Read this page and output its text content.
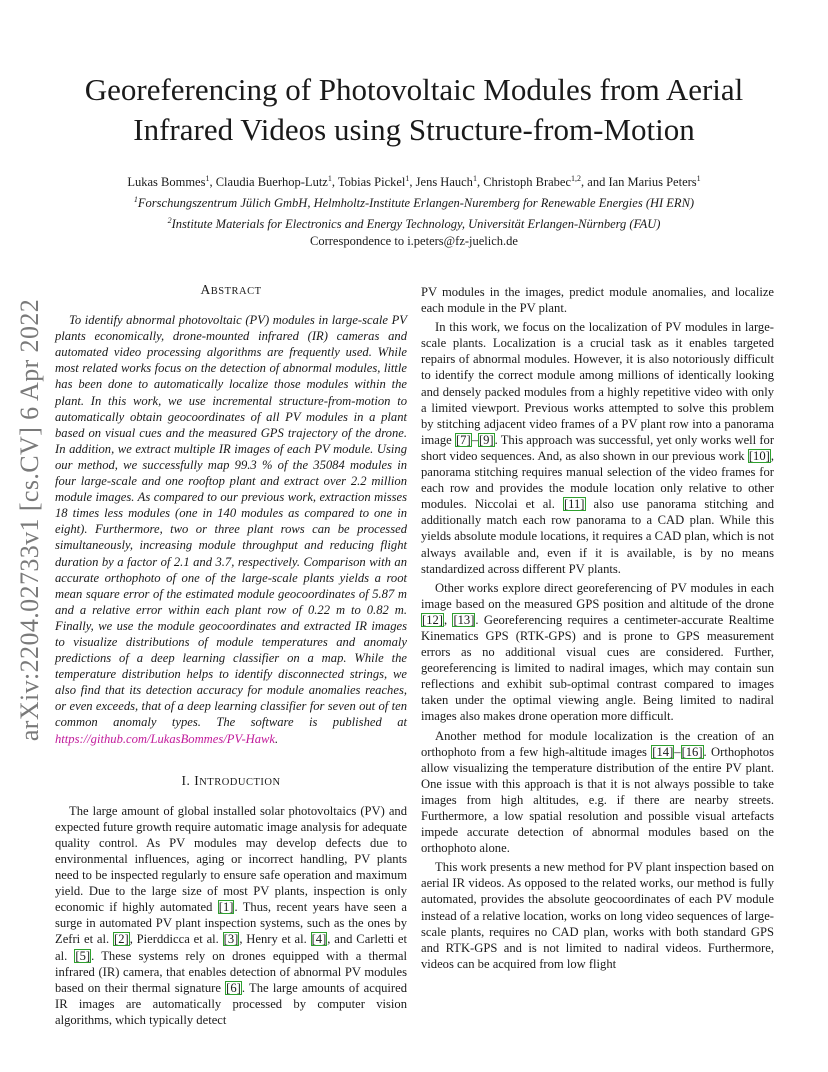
arXiv:2204.02733v1 [cs.CV] 6 Apr 2022
Georeferencing of Photovoltaic Modules from Aerial
Infrared Videos using Structure-from-Motion
Lukas Bommes$^1$, Claudia Buerhop-Lutz$^1$, Tobias Pickel$^1$, Jens Hauch$^1$, Christoph Brabec$^{1,2}$, and Ian Marius Peters$^1$
$^1$Forschungszentrum Jülich GmbH, Helmholtz-Institute Erlangen-Nuremberg for Renewable Energies (HI ERN)
$^2$Institute Materials for Electronics and Energy Technology, Universität Erlangen-Nürnberg (FAU)
Correspondence to i.peters@fz-juelich.de
ABSTRACT

To identify abnormal photovoltaic (PV) modules in large-scale PV plants economically, drone-mounted infrared (IR) cameras and automated video processing algorithms are frequently used. While most related works focus on the detection of abnormal modules, little has been done to automatically localize those modules within the plant. In this work, we use incremental structure-from-motion to automatically obtain geocoordinates of all PV modules in a plant based on visual cues and the measured GPS trajectory of the drone. In addition, we extract multiple IR images of each PV module. Using our method, we successfully map 99.3 % of the 35084 modules in four large-scale and one rooftop plant and extract over 2.2 million module images. As compared to our previous work, extraction misses 18 times less modules (one in 140 modules as compared to one in eight). Furthermore, two or three plant rows can be processed simultaneously, increasing module throughput and reducing flight duration by a factor of 2.1 and 3.7, respectively. Comparison with an accurate orthophoto of one of the large-scale plants yields a root mean square error of the estimated module geocoordinates of 5.87 m and a relative error within each plant row of 0.22 m to 0.82 m. Finally, we use the module geocoordinates and extracted IR images to visualize distributions of module temperatures and anomaly predictions of a deep learning classifier on a map. While the temperature distribution helps to identify disconnected strings, we also find that its detection accuracy for module anomalies reaches, or even exceeds, that of a deep learning classifier for seven out of ten common anomaly types. The software is published at https://github.com/LukasBommes/PV-Hawk.

I. INTRODUCTION

The large amount of global installed solar photovoltaics (PV) and expected future growth require automatic image analysis for adequate quality control. As PV modules may develop defects due to environmental influences, aging or incorrect handling, PV plants need to be inspected regularly to ensure safe operation and maximum yield. Due to the large size of most PV plants, inspection is only economic if highly automated [1]. Thus, recent years have seen a surge in automated PV plant inspection systems, such as the ones by Zefri et al. [2], Pierddicca et al. [3], Henry et al. [4], and Carletti et al. [5]. These systems rely on drones equipped with a thermal infrared (IR) camera, that enables detection of abnormal PV modules based on their thermal signature [6]. The large amounts of acquired IR images are automatically processed by computer vision algorithms, which typically detect

PV modules in the images, predict module anomalies, and localize each module in the PV plant.

In this work, we focus on the localization of PV modules in large-scale plants. Localization is a crucial task as it enables targeted repairs of abnormal modules. However, it is also notoriously difficult to identify the correct module among millions of identically looking and densely packed modules from a highly repetitive video with only a limited viewport. Previous works attempted to solve this problem by stitching adjacent video frames of a PV plant row into a panorama image [7]–[9]. This approach was successful, yet only works well for short video sequences. And, as also shown in our previous work [10], panorama stitching requires manual selection of the video frames for each row and provides the module location only relative to other modules. Niccolai et al. [11] also use panorama stitching and additionally match each row panorama to a CAD plan. While this yields absolute module locations, it requires a CAD plan, which is not always available and, even if it is available, is by no means standardized across different PV plants.

Other works explore direct georeferencing of PV modules in each image based on the measured GPS position and altitude of the drone [12], [13]. Georeferencing requires a centimeter-accurate Realtime Kinematics GPS (RTK-GPS) and is prone to GPS measurement errors as no additional visual cues are considered. Further, georeferencing is limited to nadiral images, which may contain sun reflections and exhibit sub-optimal contrast compared to images taken under the optimal viewing angle. Being limited to nadiral images also makes drone operation more difficult.

Another method for module localization is the creation of an orthophoto from a few high-altitude images [14]–[16]. Orthophotos allow visualizing the temperature distribution of the entire PV plant. One issue with this approach is that it is not always possible to take images from high altitudes, e.g. if there are nearby streets. Furthermore, a low spatial resolution and possible visual artefacts impede accurate detection of abnormal modules based on the orthophoto alone.

This work presents a new method for PV plant inspection based on aerial IR videos. As opposed to the related works, our method is fully automated, provides the absolute geocoordinates of each PV module instead of a relative location, works on long video sequences of large-scale plants, requires no CAD plan, works with both standard GPS and RTK-GPS and is not limited to nadiral videos. Furthermore, videos can be acquired from low flight
